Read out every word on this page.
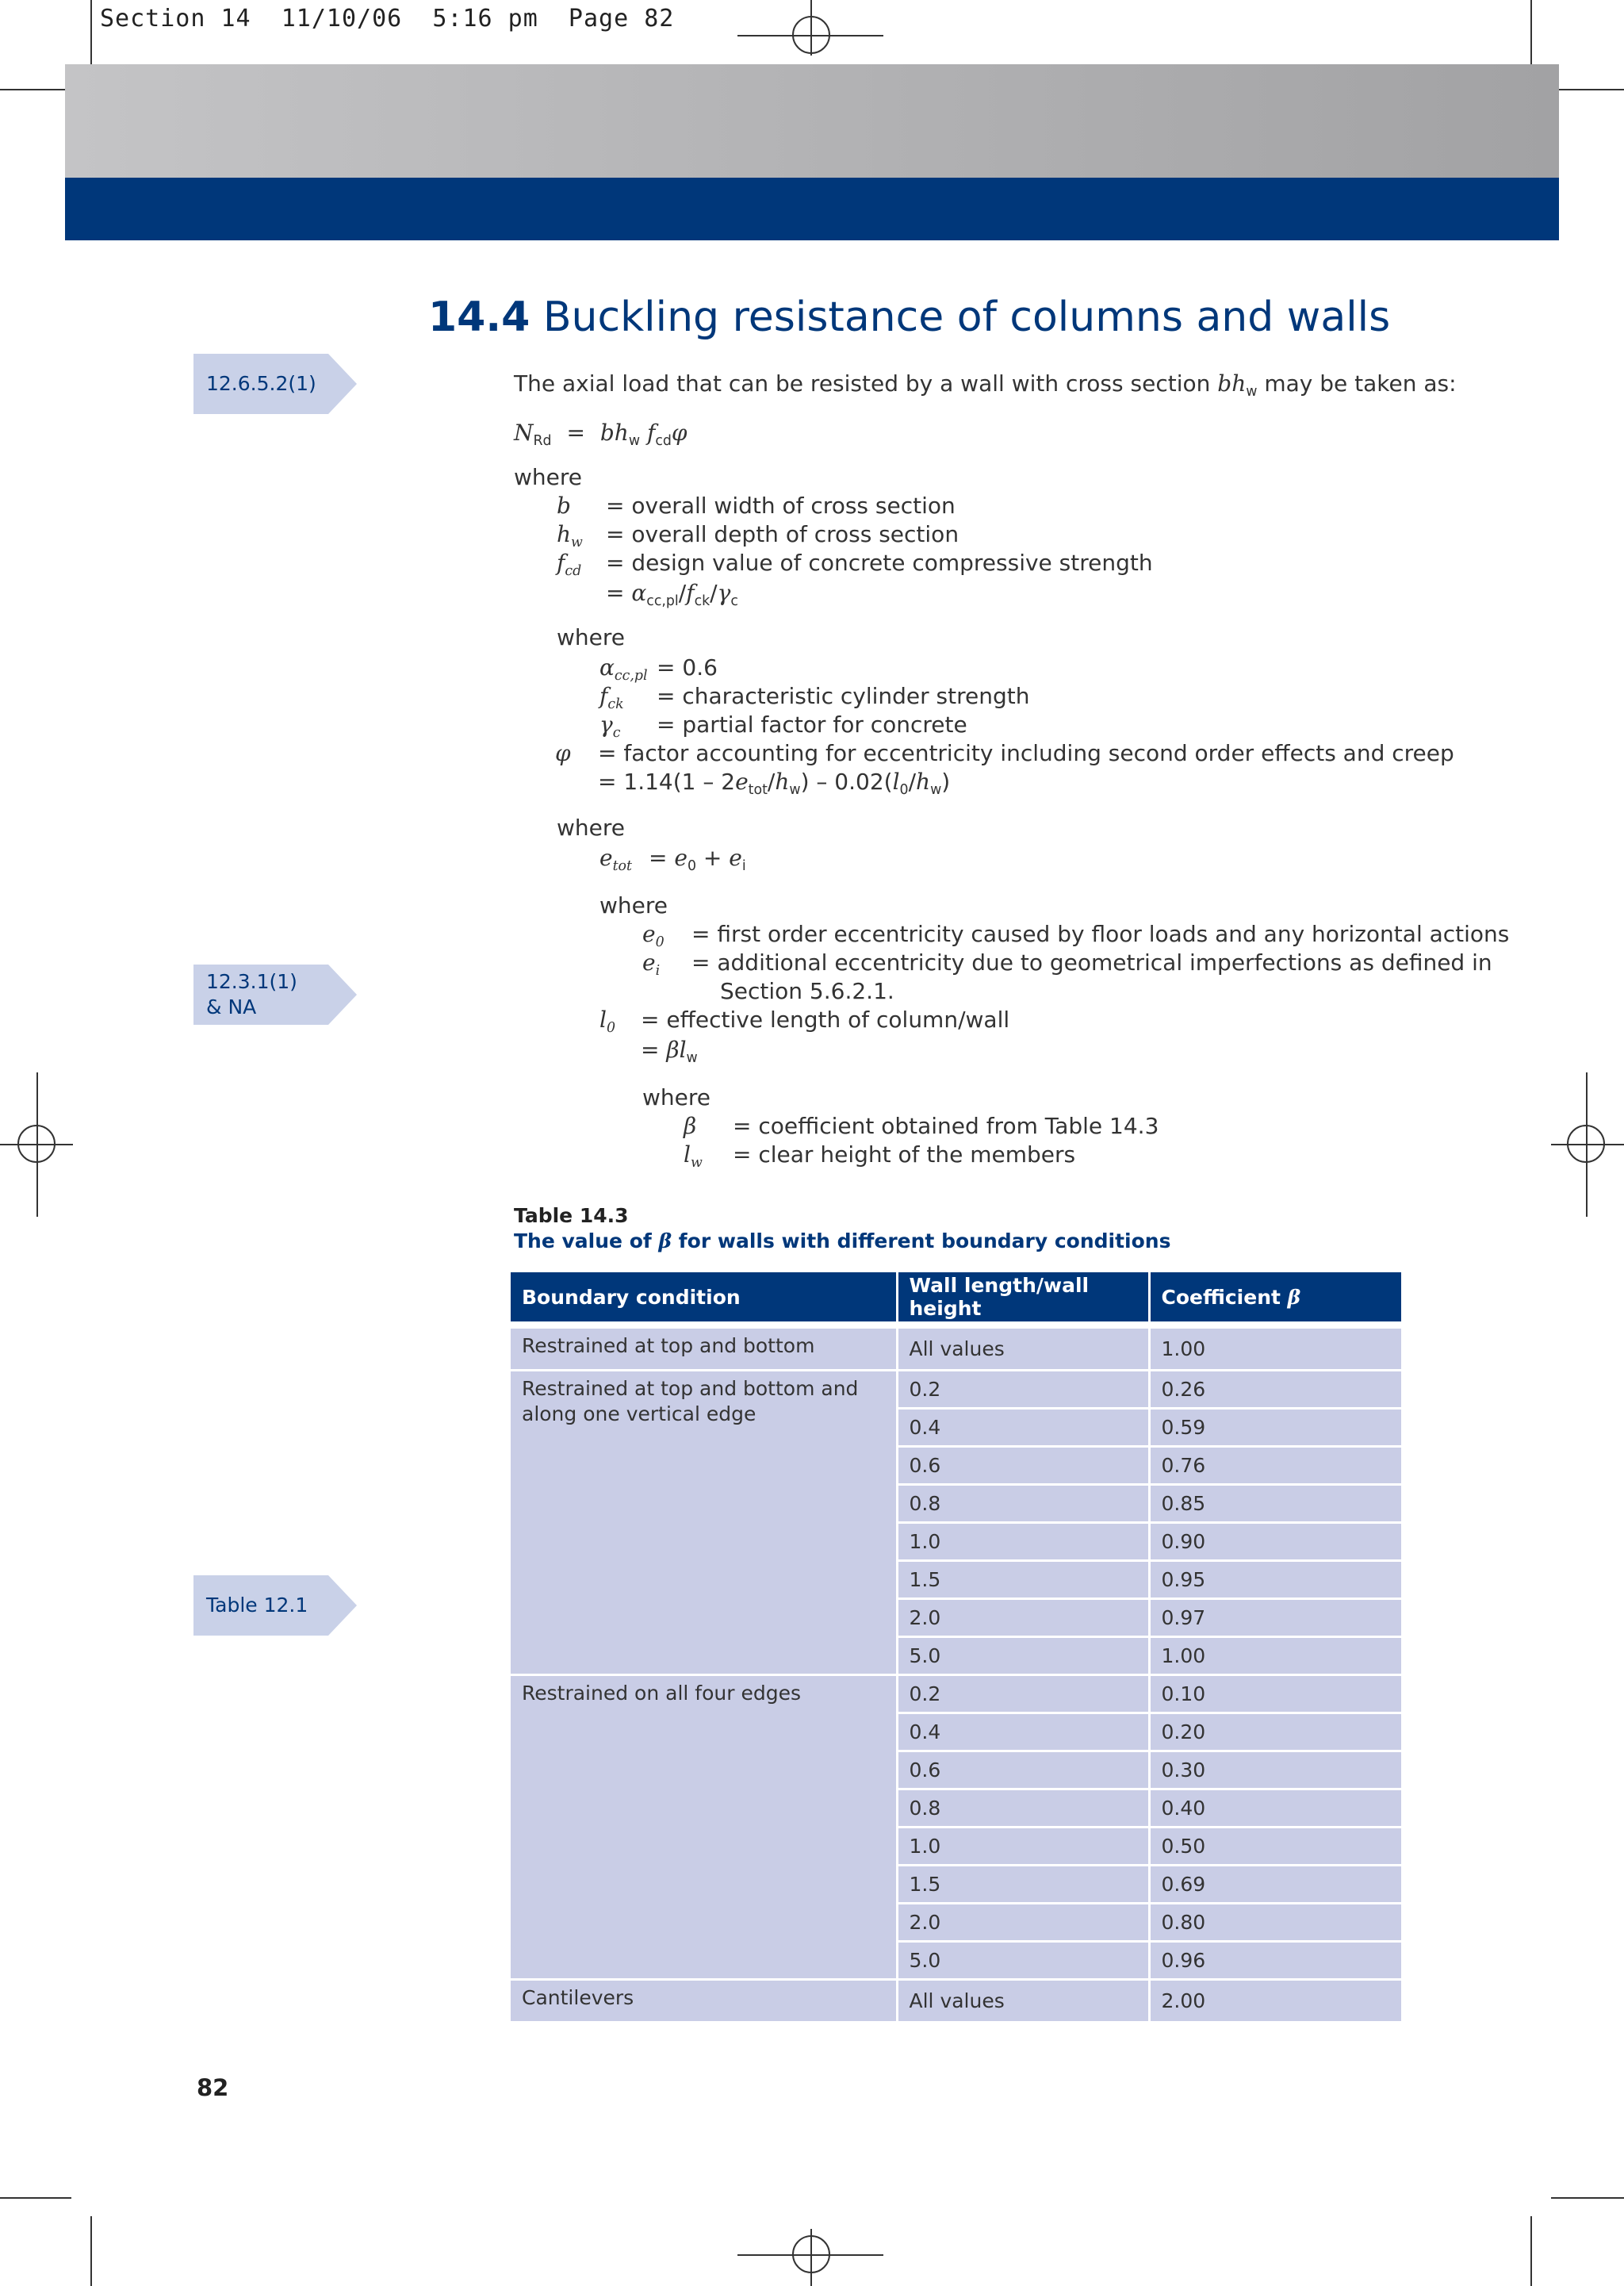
Section 14  11/10/06  5:16 pm  Page 82
14.4 Buckling resistance of columns and walls
12.6.5.2(1)
12.3.1(1)
& NA
Table 12.1
The axial load that can be resisted by a wall with cross section $bh_w$ may be taken as:
$N_{Rd} = bh_w$ $f_{cd}\varphi$
where
b = overall width of cross section
$h_w$ = overall depth of cross section
$f_{cd}$ = design value of concrete compressive strength
= $\alpha_{cc,pl}/f_{ck}/\gamma_c$
where
$\alpha_{cc,pl} = 0.6$
$f_{ck}$ = characteristic cylinder strength
$\gamma_c$ = partial factor for concrete
φ = factor accounting for eccentricity including second order effects and creep
= $1.14(1 - 2e_{tot}/h_w) - 0.02(l_0/h_w)$
where
$e_{tot} = e_0 + e_i$
where
$e_0$ = first order eccentricity caused by floor loads and any horizontal actions
$e_i$ = additional eccentricity due to geometrical imperfections as defined in
Section 5.6.2.1.
$l_0$ = effective length of column/wall
= $\beta l_w$
where
β = coefficient obtained from Table 14.3
$l_w$ = clear height of the members
Table 14.3
The value of β for walls with different boundary conditions
Boundary condition	Wall length/wall height	Coefficient β

Restrained at top and bottom	All values	1.00
Restrained at top and bottom and along one vertical edge	0.2	0.26
	0.4	0.59
	0.6	0.76
	0.8	0.85
	1.0	0.90
	1.5	0.95
	2.0	0.97
	5.0	1.00
Restrained on all four edges	0.2	0.10
	0.4	0.20
	0.6	0.30
	0.8	0.40
	1.0	0.50
	1.5	0.69
	2.0	0.80
	5.0	0.96
Cantilevers	All values	2.00
82
